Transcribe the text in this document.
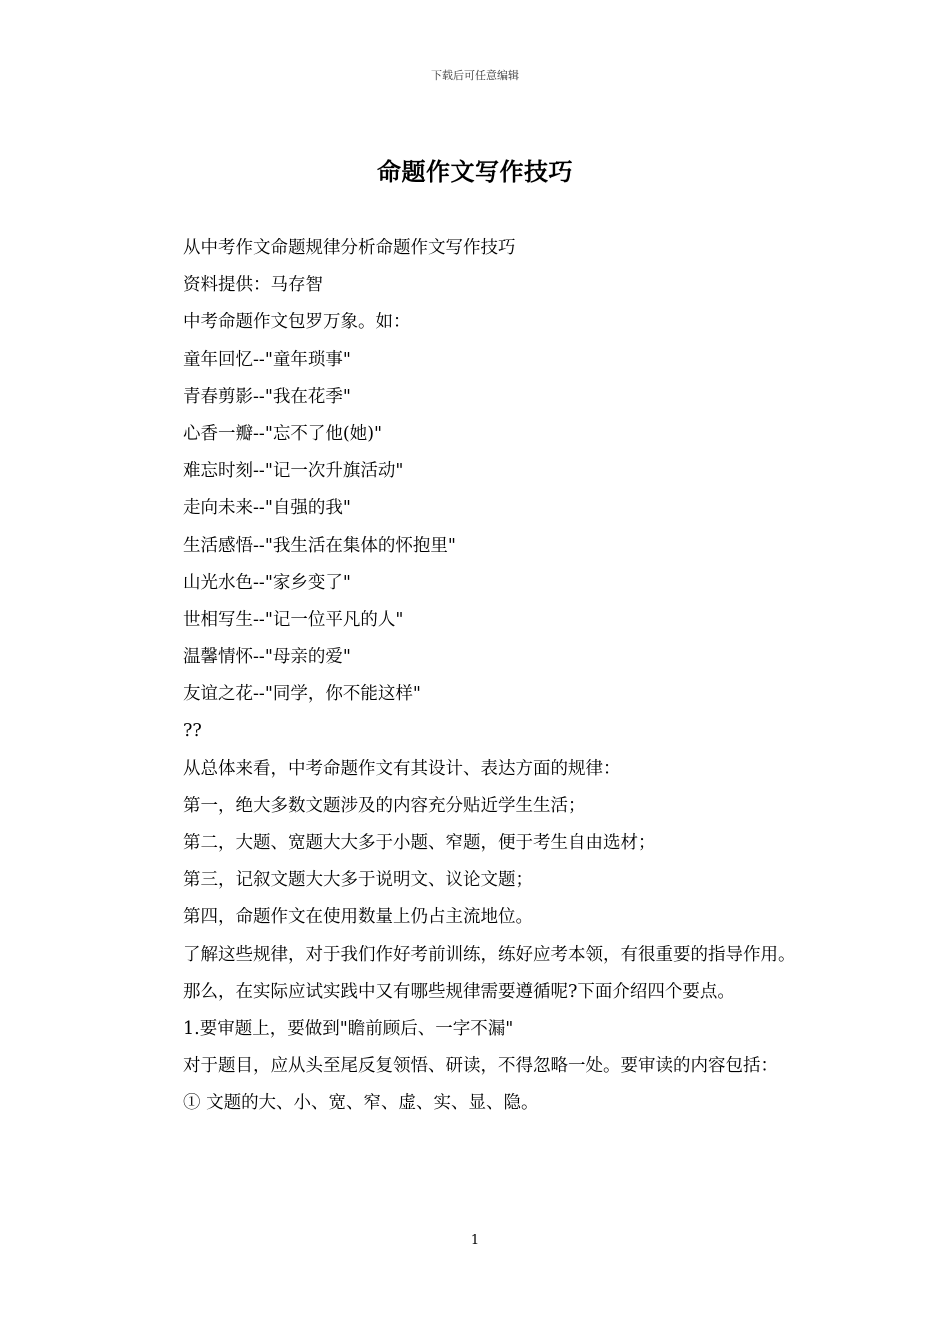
下载后可任意编辑
命题作文写作技巧
从中考作文命题规律分析命题作文写作技巧
资料提供：马存智
中考命题作文包罗万象。如：
童年回忆--"童年琐事"
青春剪影--"我在花季"
心香一瓣--"忘不了他(她)"
难忘时刻--"记一次升旗活动"
走向未来--"自强的我"
生活感悟--"我生活在集体的怀抱里"
山光水色--"家乡变了"
世相写生--"记一位平凡的人"
温馨情怀--"母亲的爱"
友谊之花--"同学，你不能这样"
??
从总体来看，中考命题作文有其设计、表达方面的规律：
第一，绝大多数文题涉及的内容充分贴近学生生活；
第二，大题、宽题大大多于小题、窄题，便于考生自由选材；
第三，记叙文题大大多于说明文、议论文题；
第四，命题作文在使用数量上仍占主流地位。
了解这些规律，对于我们作好考前训练，练好应考本领，有很重要的指导作用。
那么，在实际应试实践中又有哪些规律需要遵循呢?下面介绍四个要点。
1.要审题上，要做到"瞻前顾后、一字不漏"
对于题目，应从头至尾反复领悟、研读，不得忽略一处。要审读的内容包括：
① 文题的大、小、宽、窄、虚、实、显、隐。
1
